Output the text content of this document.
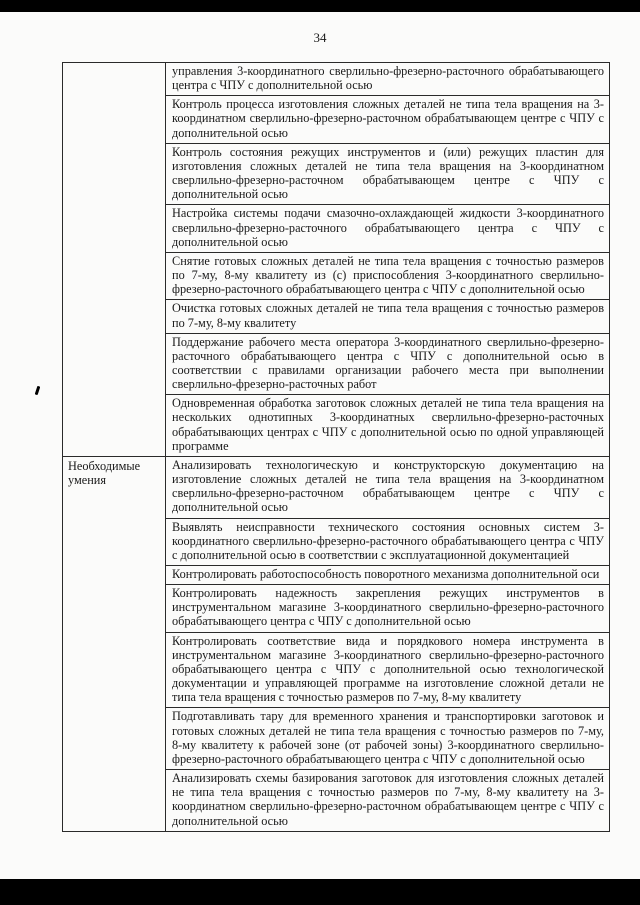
34
	управления 3-координатного сверлильно-фрезерно-расточного обрабатывающего центра с ЧПУ с дополнительной осью
	Контроль процесса изготовления сложных деталей не типа тела вращения на 3-координатном сверлильно-фрезерно-расточном обрабатывающем центре с ЧПУ с дополнительной осью
	Контроль состояния режущих инструментов и (или) режущих пластин для изготовления сложных деталей не типа тела вращения на 3-координатном сверлильно-фрезерно-расточном обрабатывающем центре с ЧПУ с дополнительной осью
	Настройка системы подачи смазочно-охлаждающей жидкости 3-координатного сверлильно-фрезерно-расточного обрабатывающего центра с ЧПУ с дополнительной осью
	Снятие готовых сложных деталей не типа тела вращения с точностью размеров по 7-му, 8-му квалитету из (с) приспособления 3-координатного сверлильно-фрезерно-расточного обрабатывающего центра с ЧПУ с дополнительной осью
	Очистка готовых сложных деталей не типа тела вращения с точностью размеров по 7-му, 8-му квалитету
	Поддержание рабочего места оператора 3-координатного сверлильно-фрезерно-расточного обрабатывающего центра с ЧПУ с дополнительной осью в соответствии с правилами организации рабочего места при выполнении сверлильно-фрезерно-расточных работ
	Одновременная обработка заготовок сложных деталей не типа тела вращения на нескольких однотипных 3-координатных сверлильно-фрезерно-расточных обрабатывающих центрах с ЧПУ с дополнительной осью по одной управляющей программе
Необходимые умения	Анализировать технологическую и конструкторскую документацию на изготовление сложных деталей не типа тела вращения на 3-координатном сверлильно-фрезерно-расточном обрабатывающем центре с ЧПУ с дополнительной осью
	Выявлять неисправности технического состояния основных систем 3-координатного сверлильно-фрезерно-расточного обрабатывающего центра с ЧПУ с дополнительной осью в соответствии с эксплуатационной документацией
	Контролировать работоспособность поворотного механизма дополнительной оси
	Контролировать надежность закрепления режущих инструментов в инструментальном магазине 3-координатного сверлильно-фрезерно-расточного обрабатывающего центра с ЧПУ с дополнительной осью
	Контролировать соответствие вида и порядкового номера инструмента в инструментальном магазине 3-координатного сверлильно-фрезерно-расточного обрабатывающего центра с ЧПУ с дополнительной осью технологической документации и управляющей программе на изготовление сложной детали не типа тела вращения с точностью размеров по 7-му, 8-му квалитету
	Подготавливать тару для временного хранения и транспортировки заготовок и готовых сложных деталей не типа тела вращения с точностью размеров по 7-му, 8-му квалитету к рабочей зоне (от рабочей зоны) 3-координатного сверлильно-фрезерно-расточного обрабатывающего центра с ЧПУ с дополнительной осью
	Анализировать схемы базирования заготовок для изготовления сложных деталей не типа тела вращения с точностью размеров по 7-му, 8-му квалитету на 3-координатном сверлильно-фрезерно-расточном обрабатывающем центре с ЧПУ с дополнительной осью
